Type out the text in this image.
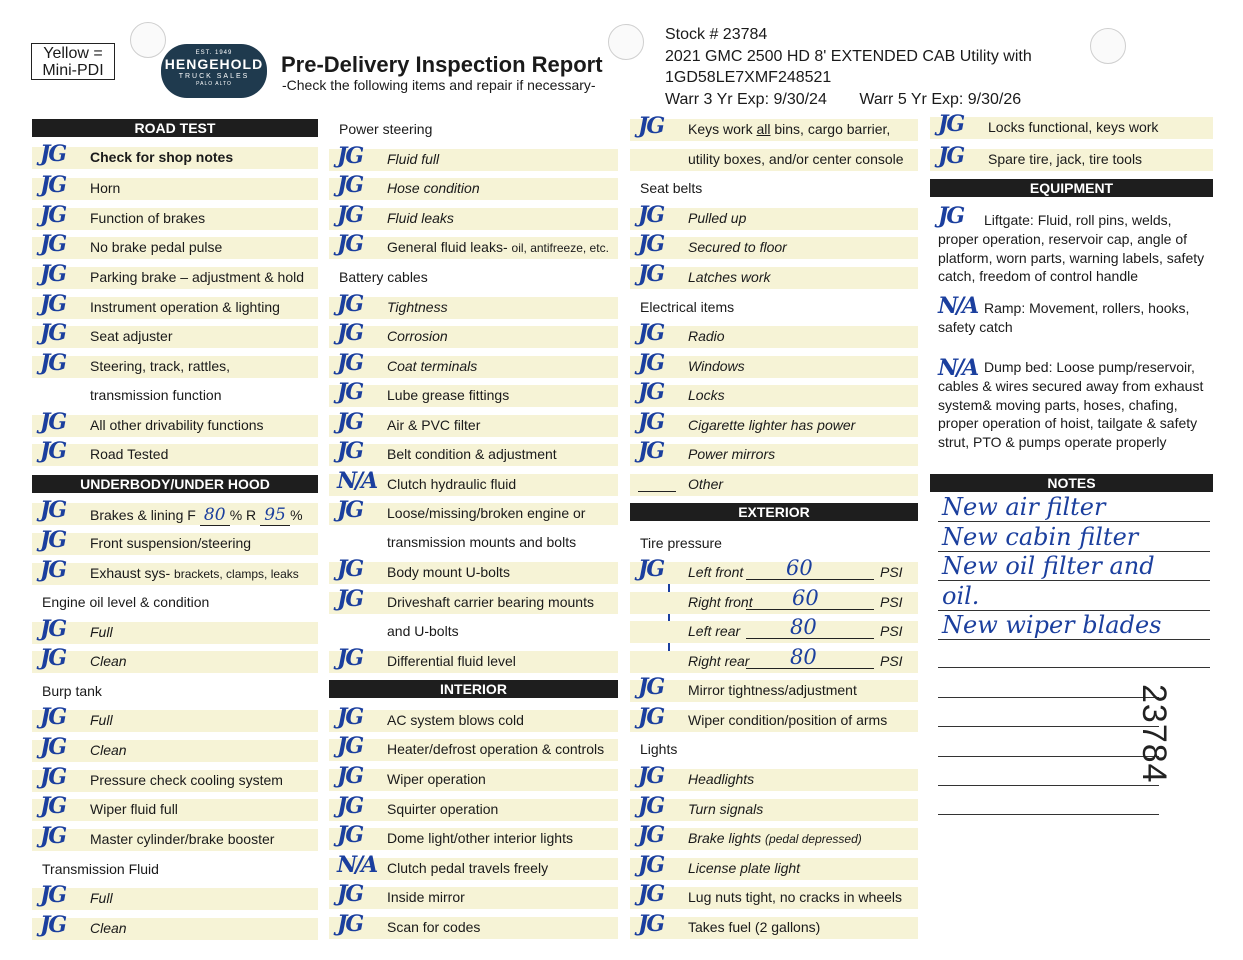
Yellow = Mini-PDI
EST. 1949
HENGEHOLD
TRUCK SALES
PALO ALTO
Pre-Delivery Inspection Report
-Check the following items and repair if necessary-
Stock # 23784
2021 GMC 2500 HD 8' EXTENDED CAB Utility with
1GD58LE7XMF248521
Warr 3 Yr Exp: 9/30/24 Warr 5 Yr Exp: 9/30/26
ROAD TEST
JG Check for shop notes
JG Horn
JG Function of brakes
JG No brake pedal pulse
JG Parking brake – adjustment & hold
JG Instrument operation & lighting
JG Seat adjuster
JG Steering, track, rattles,
transmission function
JG All other drivability functions
JG Road Tested
UNDERBODY/UNDER HOOD
JG Brakes & lining F 80 % R 95 %
JG Front suspension/steering
JG Exhaust sys- brackets, clamps, leaks
Engine oil level & condition
JG Full
JG Clean
Burp tank
JG Full
JG Clean
JG Pressure check cooling system
JG Wiper fluid full
JG Master cylinder/brake booster
Transmission Fluid
JG Full
JG Clean
Power steering
JG Fluid full
JG Hose condition
JG Fluid leaks
JG General fluid leaks- oil, antifreeze, etc.
Battery cables
JG Tightness
JG Corrosion
JG Coat terminals
JG Lube grease fittings
JG Air & PVC filter
JG Belt condition & adjustment
N/A Clutch hydraulic fluid
JG Loose/missing/broken engine or
transmission mounts and bolts
JG Body mount U-bolts
JG Driveshaft carrier bearing mounts
and U-bolts
JG Differential fluid level
INTERIOR
JG AC system blows cold
JG Heater/defrost operation & controls
JG Wiper operation
JG Squirter operation
JG Dome light/other interior lights
N/A Clutch pedal travels freely
JG Inside mirror
JG Scan for codes
JG Keys work all bins, cargo barrier,
utility boxes, and/or center console
Seat belts
JG Pulled up
JG Secured to floor
JG Latches work
Electrical items
JG Radio
JG Windows
JG Locks
JG Cigarette lighter has power
JG Power mirrors
Other
EXTERIOR
Tire pressure
JG Left front 60	PSI
Right front 60	PSI
Left rear 80	PSI
Right rear 80	PSI
JG Mirror tightness/adjustment
JG Wiper condition/position of arms
Lights
JG Headlights
JG Turn signals
JG Brake lights (pedal depressed)
JG License plate light
JG Lug nuts tight, no cracks in wheels
JG Takes fuel (2 gallons)
JG Locks functional, keys work
JG Spare tire, jack, tire tools
EQUIPMENT
JG	Liftgate: Fluid, roll pins, welds, proper operation, reservoir cap, angle of platform, worn parts, warning labels, safety catch, freedom of control handle
N/A Ramp: Movement, rollers, hooks, safety catch
N/A Dump bed: Loose pump/reservoir, cables & wires secured away from exhaust system& moving parts, hoses, chafing, proper operation of hoist, tailgate & safety strut, PTO & pumps operate properly
NOTES
New air filter
New cabin filter
New oil filter and
oil.
New wiper blades
23784
